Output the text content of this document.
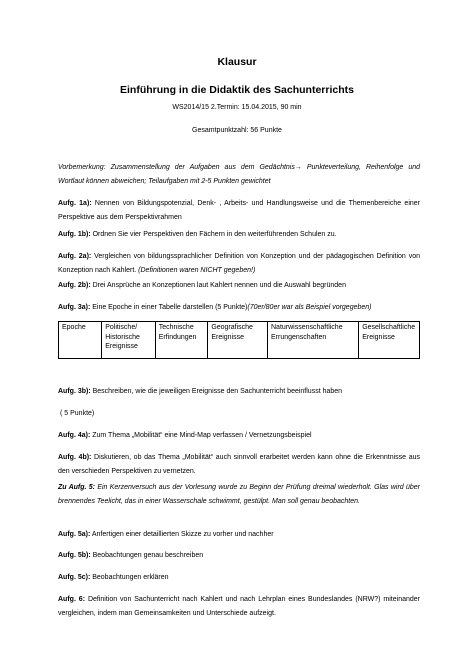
Klausur

Einführung in die Didaktik des Sachunterrichts

WS2014/15 2.Termin: 15.04.2015, 90 min

Gesamtpunktzahl: 56 Punkte

Vorbemerkung: Zusammenstellung der Aufgaben aus dem Gedächtnis→ Punkteverteilung, Reihenfolge und Wortlaut können abweichen; Teilaufgaben mit 2-5 Punkten gewichtet

Aufg. 1a): Nennen von Bildungspotenzial, Denk- , Arbeits- und Handlungsweise und die Themenbereiche einer Perspektive aus dem Perspektivrahmen

Aufg. 1b): Ordnen Sie vier Perspektiven den Fächern in den weiterführenden Schulen zu.

Aufg. 2a): Vergleichen von bildungssprachlicher Definition von Konzeption und der pädagogischen Definition von Konzeption nach Kahlert. (Definitionen waren NICHT gegeben!)

Aufg. 2b): Drei Ansprüche an Konzeptionen laut Kahlert nennen und die Auswahl begründen

Aufg. 3a): Eine Epoche in einer Tabelle darstellen (5 Punkte)(70er/80er war als Beispiel vorgegeben)

Epoche	Politische/ Historische Ereignisse	Technische Erfindungen	Geografische Ereignisse	Naturwissenschaftliche Errungenschaften	Gesellschaftliche Ereignisse

Aufg. 3b): Beschreiben, wie die jeweiligen Ereignisse den Sachunterricht beeinflusst haben

( 5 Punkte)

Aufg. 4a): Zum Thema „Mobilität“ eine Mind-Map verfassen / Vernetzungsbeispiel

Aufg. 4b): Diskutieren, ob das Thema „Mobilität“ auch sinnvoll erarbeitet werden kann ohne die Erkenntnisse aus den verschieden Perspektiven zu vernetzen.

Zu Aufg. 5: Ein Kerzenversuch aus der Vorlesung wurde zu Beginn der Prüfung dreimal wiederholt. Glas wird über brennendes Teelicht, das in einer Wasserschale schwimmt, gestülpt. Man soll genau beobachten.

Aufg. 5a): Anfertigen einer detaillierten Skizze zu vorher und nachher

Aufg. 5b): Beobachtungen genau beschreiben

Aufg. 5c): Beobachtungen erklären

Aufg. 6: Definition von Sachunterricht nach Kahlert und nach Lehrplan eines Bundeslandes (NRW?) miteinander vergleichen, indem man Gemeinsamkeiten und Unterschiede aufzeigt.
